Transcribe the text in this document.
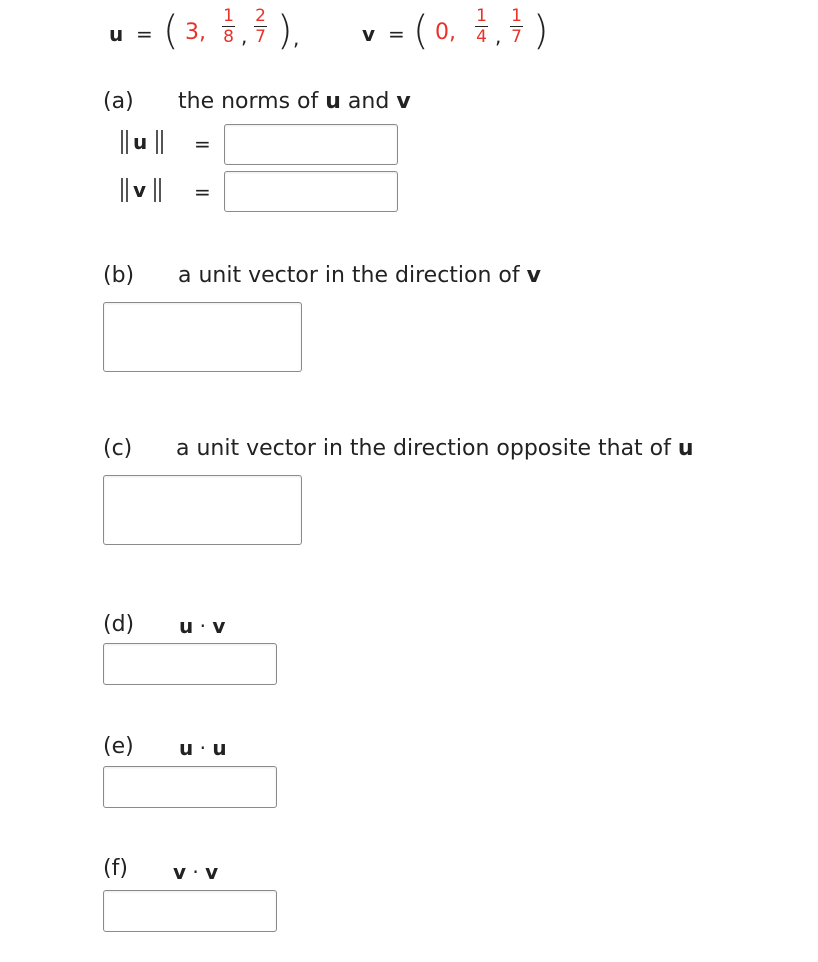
u = ( 3,
1
8 ,
2
7 ) ,	v = ( 0,
1
4 ,
1
7 )
(a) the norms of u and v
u =
v =
(b) a unit vector in the direction of v
(c) a unit vector in the direction opposite that of u
(d) u · v
(e) u · u
(f) v · v
